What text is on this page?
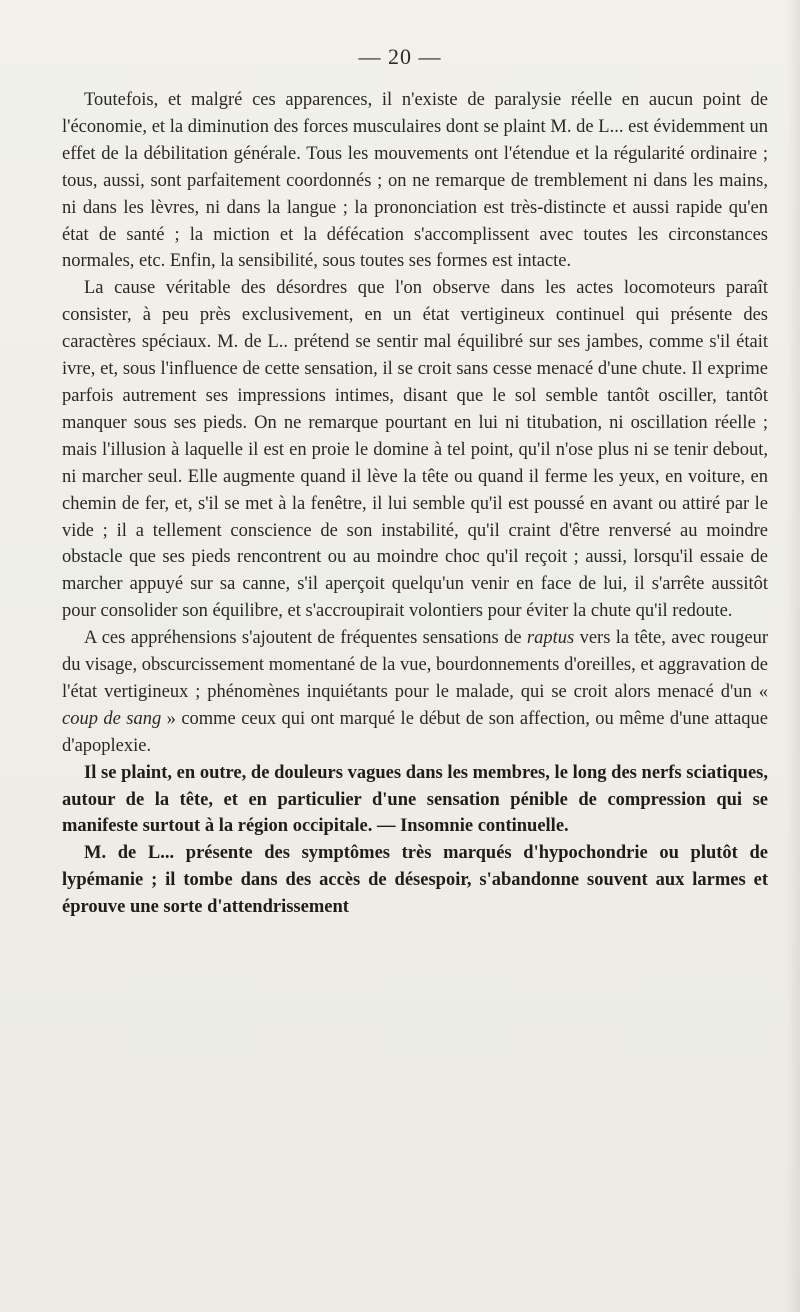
— 20 —

Toutefois, et malgré ces apparences, il n'existe de paralysie réelle en aucun point de l'économie, et la diminution des forces musculaires dont se plaint M. de L... est évidemment un effet de la débilitation générale. Tous les mouvements ont l'étendue et la régularité ordinaire ; tous, aussi, sont parfaitement coordonnés ; on ne remarque de tremblement ni dans les mains, ni dans les lèvres, ni dans la langue ; la prononciation est très-distincte et aussi rapide qu'en état de santé ; la miction et la défécation s'accomplissent avec toutes les circonstances normales, etc. Enfin, la sensibilité, sous toutes ses formes est intacte.

La cause véritable des désordres que l'on observe dans les actes locomoteurs paraît consister, à peu près exclusivement, en un état vertigineux continuel qui présente des caractères spéciaux. M. de L.. prétend se sentir mal équilibré sur ses jambes, comme s'il était ivre, et, sous l'influence de cette sensation, il se croit sans cesse menacé d'une chute. Il exprime parfois autrement ses impressions intimes, disant que le sol semble tantôt osciller, tantôt manquer sous ses pieds. On ne remarque pourtant en lui ni titubation, ni oscillation réelle ; mais l'illusion à laquelle il est en proie le domine à tel point, qu'il n'ose plus ni se tenir debout, ni marcher seul. Elle augmente quand il lève la tête ou quand il ferme les yeux, en voiture, en chemin de fer, et, s'il se met à la fenêtre, il lui semble qu'il est poussé en avant ou attiré par le vide ; il a tellement conscience de son instabilité, qu'il craint d'être renversé au moindre obstacle que ses pieds rencontrent ou au moindre choc qu'il reçoit ; aussi, lorsqu'il essaie de marcher appuyé sur sa canne, s'il aperçoit quelqu'un venir en face de lui, il s'arrête aussitôt pour consolider son équilibre, et s'accroupirait volontiers pour éviter la chute qu'il redoute.

A ces appréhensions s'ajoutent de fréquentes sensations de raptus vers la tête, avec rougeur du visage, obscurcissement momentané de la vue, bourdonnements d'oreilles, et aggravation de l'état vertigineux ; phénomènes inquiétants pour le malade, qui se croit alors menacé d'un « coup de sang » comme ceux qui ont marqué le début de son affection, ou même d'une attaque d'apoplexie.

Il se plaint, en outre, de douleurs vagues dans les membres, le long des nerfs sciatiques, autour de la tête, et en particulier d'une sensation pénible de compression qui se manifeste surtout à la région occipitale. — Insomnie continuelle.

M. de L... présente des symptômes très marqués d'hypochondrie ou plutôt de lypémanie ; il tombe dans des accès de désespoir, s'abandonne souvent aux larmes et éprouve une sorte d'attendrissement
